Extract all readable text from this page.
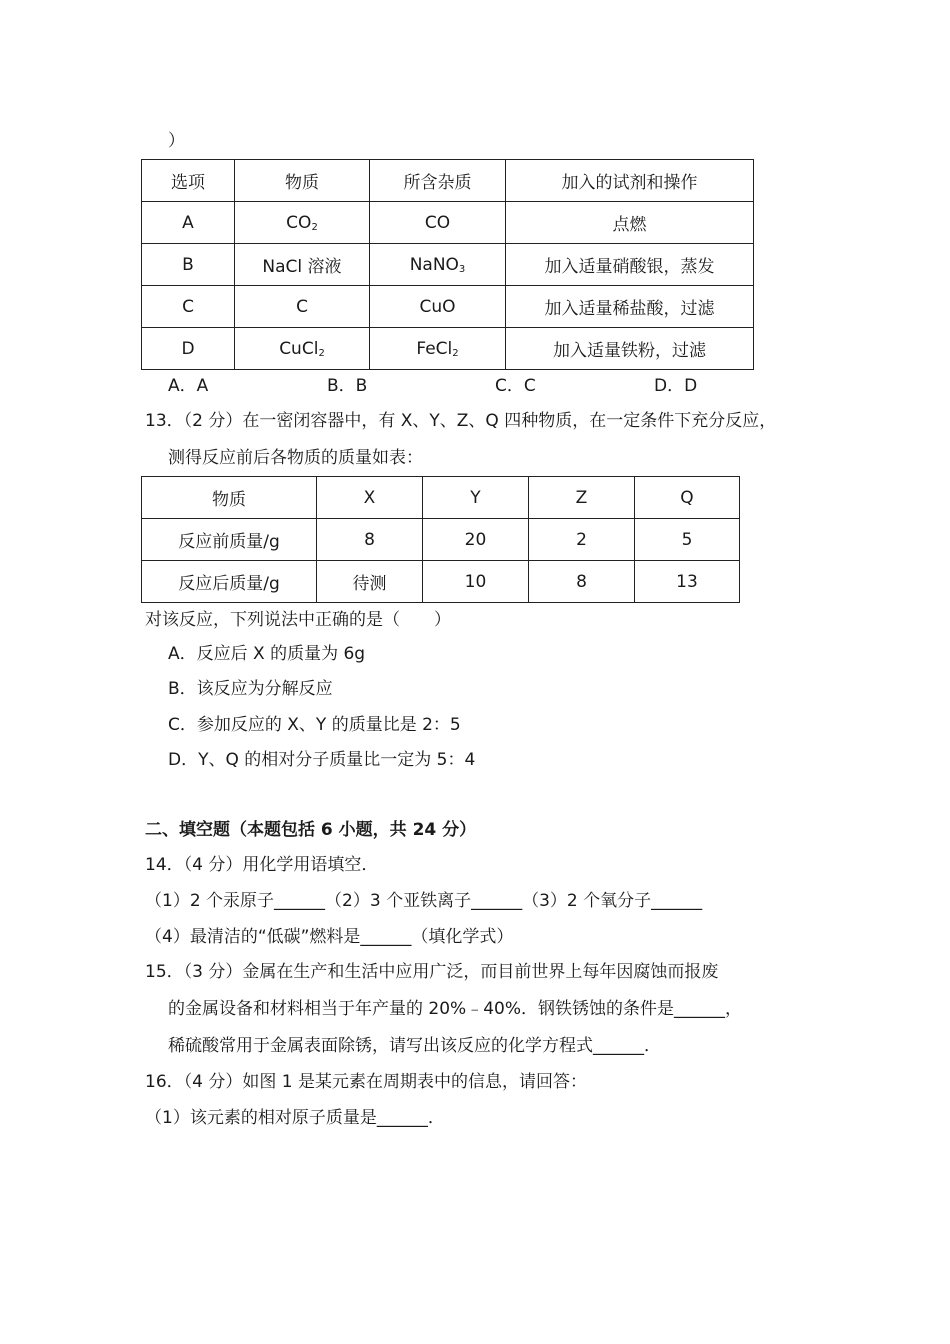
）
选项	物质	所含杂质	加入的试剂和操作
A	$CO_2$	CO	点燃
B	NaCl 溶液	NaNO$_3$	加入适量硝酸银，蒸发
C	C	CuO	加入适量稀盐酸，过滤
D	CuCl$_2$	FeCl$_2$	加入适量铁粉，过滤
A．A	B．B	C．C	D．D
13．（2 分）在一密闭容器中，有 X、Y、Z、Q 四种物质，在一定条件下充分反应，
测得反应前后各物质的质量如表：
物质	X	Y	Z	Q
反应前质量/g	8	20	2	5
反应后质量/g	待测	10	8	13
对该反应，下列说法中正确的是（　　）
A．反应后 X 的质量为 6g
B．该反应为分解反应
C．参加反应的 X、Y 的质量比是 2：5
D．Y、Q 的相对分子质量比一定为 5：4
二、填空题（本题包括 6 小题，共 24 分）
14．（4 分）用化学用语填空．
（1）2 个汞原子______（2）3 个亚铁离子______（3）2 个氧分子______
（4）最清洁的“低碳”燃料是______（填化学式）
15．（3 分）金属在生产和生活中应用广泛，而目前世界上每年因腐蚀而报废
的金属设备和材料相当于年产量的 20%﹣40%．钢铁锈蚀的条件是______，
稀硫酸常用于金属表面除锈，请写出该反应的化学方程式______．
16．（4 分）如图 1 是某元素在周期表中的信息，请回答：
（1）该元素的相对原子质量是______．
